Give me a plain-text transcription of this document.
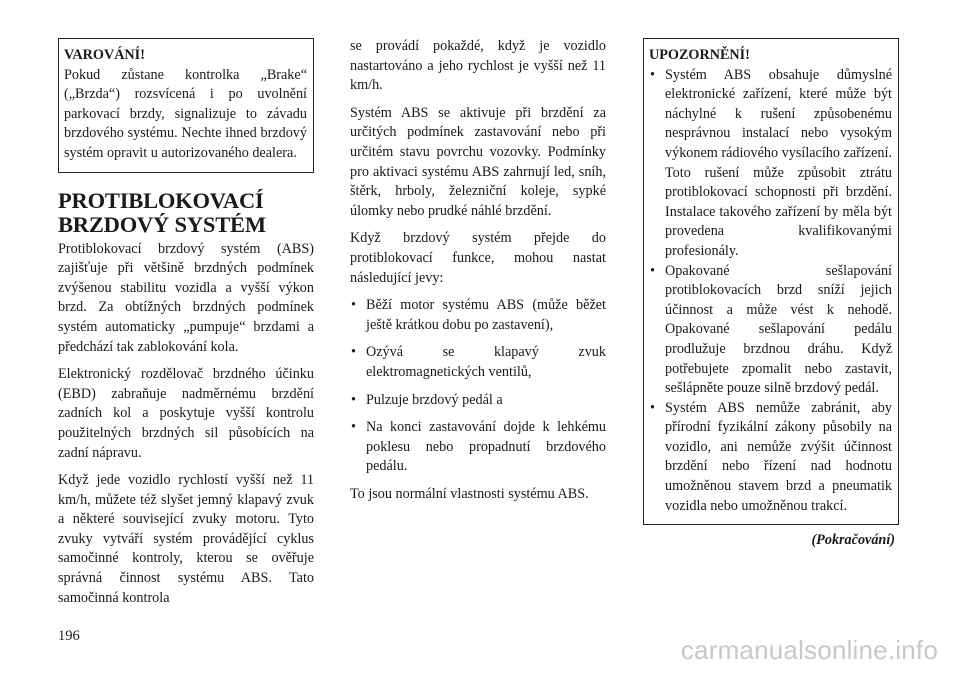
VAROVÁNÍ!

Pokud zůstane kontrolka „Brake“ („Brzda“) rozsvícená i po uvolnění parkovací brzdy, signalizuje to závadu brzdového systému. Nechte ihned brzdový systém opravit u autorizovaného dealera.

PROTIBLOKOVACÍ BRZDOVÝ SYSTÉM

Protiblokovací brzdový systém (ABS) zajišťuje při většině brzdných podmínek zvýšenou stabilitu vozidla a vyšší výkon brzd. Za obtížných brzdných podmínek systém automaticky „pumpuje“ brzdami a předchází tak zablokování kola.

Elektronický rozdělovač brzdného účinku (EBD) zabraňuje nadměrnému brzdění zadních kol a poskytuje vyšší kontrolu použitelných brzdných sil působících na zadní nápravu.

Když jede vozidlo rychlostí vyšší než 11 km/h, můžete též slyšet jemný klapavý zvuk a některé související zvuky motoru. Tyto zvuky vytváří systém provádějící cyklus samočinné kontroly, kterou se ověřuje správná činnost systému ABS. Tato samočinná kontrola

se provádí pokaždé, když je vozidlo nastartováno a jeho rychlost je vyšší než 11 km/h.

Systém ABS se aktivuje při brzdění za určitých podmínek zastavování nebo při určitém stavu povrchu vozovky. Podmínky pro aktivaci systému ABS zahrnují led, sníh, štěrk, hrboly, železniční koleje, sypké úlomky nebo prudké náhlé brzdění.

Když brzdový systém přejde do protiblokovací funkce, mohou nastat následující jevy:

• Běží motor systému ABS (může běžet ještě krátkou dobu po zastavení),
• Ozývá se klapavý zvuk elektromagnetických ventilů,
• Pulzuje brzdový pedál a
• Na konci zastavování dojde k lehkému poklesu nebo propadnutí brzdového pedálu.

To jsou normální vlastnosti systému ABS.

UPOZORNĚNÍ!
• Systém ABS obsahuje důmyslné elektronické zařízení, které může být náchylné k rušení způsobenému nesprávnou instalací nebo vysokým výkonem rádiového vysílacího zařízení. Toto rušení může způsobit ztrátu protiblokovací schopnosti při brzdění. Instalace takového zařízení by měla být provedena kvalifikovanými profesionály.
• Opakované sešlapování protiblokovacích brzd sníží jejich účinnost a může vést k nehodě. Opakované sešlapování pedálu prodlužuje brzdnou dráhu. Když potřebujete zpomalit nebo zastavit, sešlápněte pouze silně brzdový pedál.
• Systém ABS nemůže zabránit, aby přírodní fyzikální zákony působily na vozidlo, ani nemůže zvýšit účinnost brzdění nebo řízení nad hodnotu umožněnou stavem brzd a pneumatik vozidla nebo umožněnou trakcí.
(Pokračování)
196	carmanualsonline.info
